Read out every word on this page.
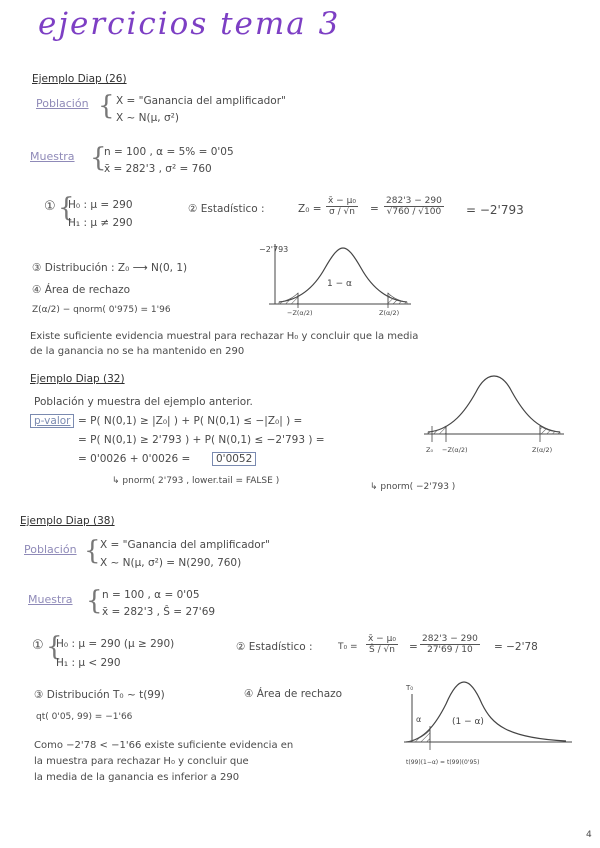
ejercicios tema 3
Ejemplo Diap (26)
Población { X = "Ganancia del amplificador"
X ~ N(μ, σ²)
Muestra {
n = 100 , α = 5% = 0'05
x̄ = 282'3 , σ² = 760
① {
H₀ : μ = 290
H₁ : μ ≠ 290
② Estadístico :	$Z_0 = \frac{\text{x̄ − μ₀}}{\sigma / √n} = \frac{282'3 - 290}{√760 / √100} = -2'793$
③ Distribución : Z₀ ⟶ N(0, 1)
④ Área de rechazo
Z(α/2) − qnorm( 0'975) = 1'96
−2'793
1 − α
−Z(α/2)	Z(α/2)
Existe suficiente evidencia muestral para rechazar H₀ y concluir que la media
de la ganancia no se ha mantenido en 290
Ejemplo Diap (32)
Población y muestra del ejemplo anterior.
p-valor = P( N(0,1) ≥ |Z₀| ) + P( N(0,1) ≤ −|Z₀| ) =
= P( N(0,1) ≥ 2'793 ) + P( N(0,1) ≤ −2'793 ) =
= 0'0026 + 0'0026 =	0'0052
↳ pnorm( 2'793 , lower.tail = FALSE )
↳ pnorm( −2'793 )
Z₀ −Z(α/2)	Z(α/2)
Ejemplo Diap (38)
Población { X = "Ganancia del amplificador"
X ~ N(μ, σ²) = N(290, 760)
Muestra { n = 100 , α = 0'05
x̄ = 282'3 , Ŝ = 27'69
① {
H₀ : μ = 290 (μ ≥ 290)
H₁ : μ < 290
② Estadístico :	$T_0 = \frac{\text{x̄ − μ₀}}{Ŝ / √n} = \frac{282'3 - 290}{27'69 / 10} = -2'78$
③ Distribución T₀ ~ t(99)	④ Área de rechazo
qt( 0'05, 99) = −1'66
Como −2'78 < −1'66 existe suficiente evidencia en
la muestra para rechazar H₀ y concluir que
la media de la ganancia es inferior a 290
T₀
α	(1 − α)
t(99)(1−α) = t(99)(0'95)
4
